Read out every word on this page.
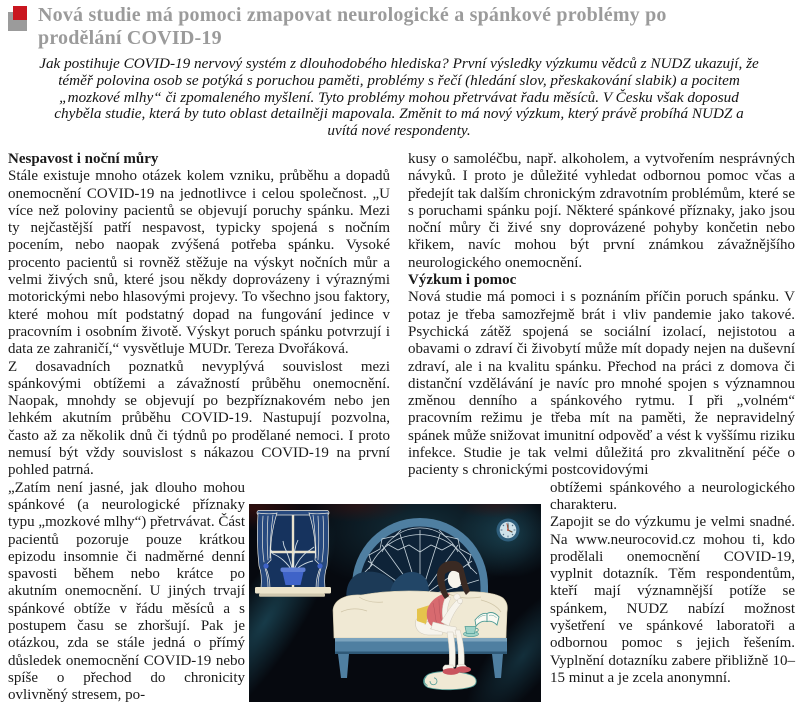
Nová studie má pomoci zmapovat neurologické a spánkové problémy po prodělání COVID-19

Jak postihuje COVID-19 nervový systém z dlouhodobého hlediska? První výsledky výzkumu vědců z NUDZ ukazují, že téměř polovina osob se potýká s poruchou paměti, problémy s řečí (hledání slov, přeskakování slabik) a pocitem „mozkové mlhy“ či zpomaleného myšlení. Tyto problémy mohou přetrvávat řadu měsíců. V Česku však doposud chyběla studie, která by tuto oblast detailněji mapovala. Změnit to má nový výzkum, který právě probíhá NUDZ a uvítá nové respondenty.

Nespavost i noční můry

Stále existuje mnoho otázek kolem vzniku, průběhu a dopadů onemocnění COVID-19 na jednotlivce i celou společnost. „U více než poloviny pacientů se objevují poruchy spánku. Mezi ty nejčastější patří nespavost, typicky spojená s nočním pocením, nebo naopak zvýšená potřeba spánku. Vysoké procento pacientů si rovněž stěžuje na výskyt nočních můr a velmi živých snů, které jsou někdy doprovázeny i výraznými motorickými nebo hlasovými projevy. To všechno jsou faktory, které mohou mít podstatný dopad na fungování jedince v pracovním i osobním životě. Výskyt poruch spánku potvrzují i data ze zahraničí,“ vysvětluje MUDr. Tereza Dvořáková.

Z dosavadních poznatků nevyplývá souvislost mezi spánkovými obtížemi a závažností průběhu onemocnění. Naopak, mnohdy se objevují po bezpříznakovém nebo jen lehkém akutním průběhu COVID-19. Nastupují pozvolna, často až za několik dnů či týdnů po prodělané nemoci. I proto nemusí být vždy souvislost s nákazou COVID-19 na první pohled patrná.

„Zatím není jasné, jak dlouho mohou spánkové (a neurologické příznaky typu „mozkové mlhy“) přetrvávat. Část pacientů pozoruje pouze krátkou epizodu insomnie či nadměrné denní spavosti během nebo krátce po akutním onemocnění. U jiných trvají spánkové obtíže v řádu měsíců a s postupem času se zhoršují. Pak je otázkou, zda se stále jedná o přímý důsledek onemocnění COVID-19 nebo spíše o přechod do chronicity ovlivněný stresem, po-

kusy o samoléčbu, např. alkoholem, a vytvořením nesprávných návyků. I proto je důležité vyhledat odbornou pomoc včas a předejít tak dalším chronickým zdravotním problémům, které se s poruchami spánku pojí. Některé spánkové příznaky, jako jsou noční můry či živé sny doprovázené pohyby končetin nebo křikem, navíc mohou být první známkou závažnějšího neurologického onemocnění.

Výzkum i pomoc

Nová studie má pomoci i s poznáním příčin poruch spánku. V potaz je třeba samozřejmě brát i vliv pandemie jako takové. Psychická zátěž spojená se sociální izolací, nejistotou a obavami o zdraví či živobytí může mít dopady nejen na duševní zdraví, ale i na kvalitu spánku. Přechod na práci z domova či distanční vzdělávání je navíc pro mnohé spojen s významnou změnou denního a spánkového rytmu. I při „volném“ pracovním režimu je třeba mít na paměti, že nepravidelný spánek může snižovat imunitní odpověď a vést k vyššímu riziku infekce. Studie je tak velmi důležitá pro zkvalitnění péče o pacienty s chronickými postcovidovými

obtížemi spánkového a neurologického charakteru.

Zapojit se do výzkumu je velmi snadné. Na www.neurocovid.cz mohou ti, kdo prodělali onemocnění COVID-19, vyplnit dotazník. Těm respondentům, kteří mají významnější potíže se spánkem, NUDZ nabízí možnost vyšetření ve spánkové laboratoři a odbornou pomoc s jejich řešením. Vyplnění dotazníku zabere přibližně 10–15 minut a je zcela anonymní.
